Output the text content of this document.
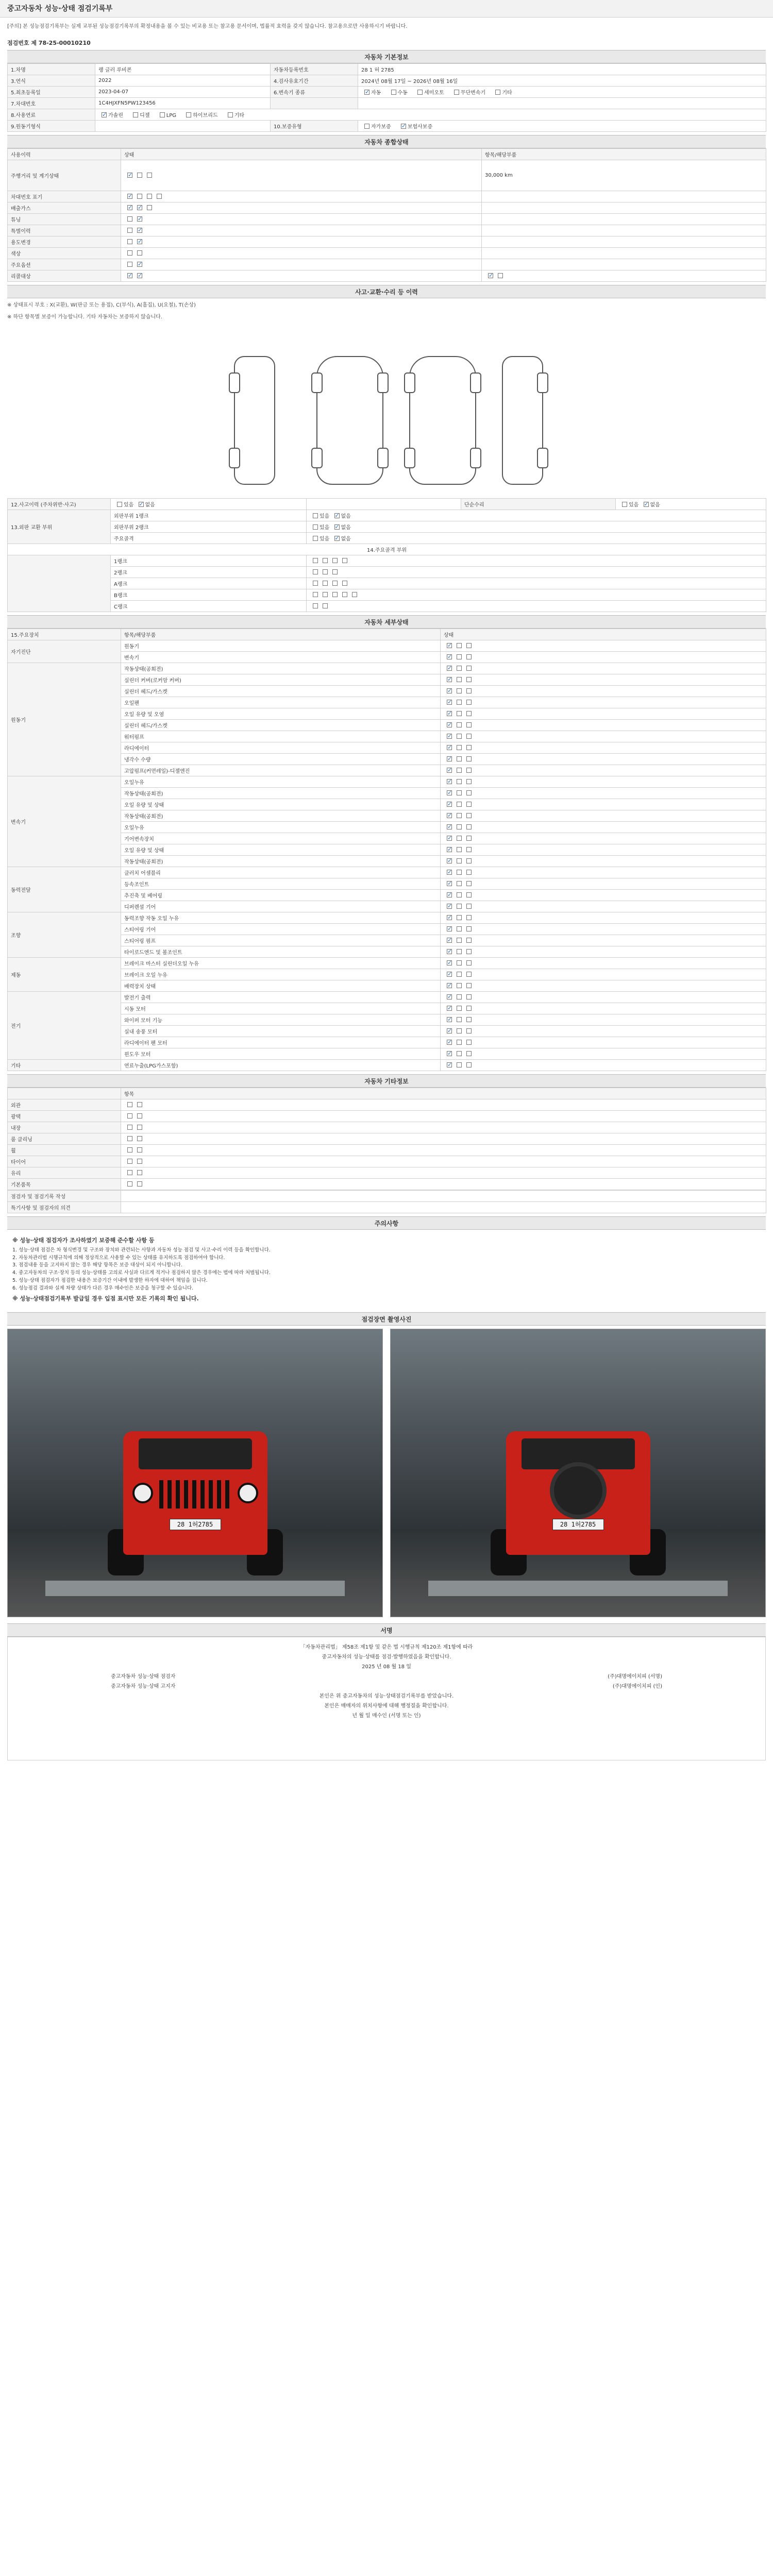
중고자동차 성능·상태 점검기록부
[주의] 본 성능점검기록부는 실제 교부된 성능점검기록부의 확정내용을 볼 수 있는 비교용 또는 참고용 문서이며, 법률적 효력을 갖지 않습니다. 참고용으로만 사용하시기 바랍니다.
점검번호 제 78-25-00010210
자동차 기본정보
1.차명	랭 글러 루비콘	자동차등록번호	28 1 허 2785
3.연식	2022	4.검사유효기간	2024년 08월 17일 ~ 2026년 08월 16일
5.최초등록일	2023-04-07	6.변속기 종류	✓자동 수동 세미오토 무단변속기 기타
7.차대번호	1C4HJXFN5PW123456		
8.사용연료	✓가솔린 디젤 LPG 하이브리드 기타
9.원동기형식		10.보증유형	자가보증 ✓ 보험사보증
자동차 종합상태
사용이력	상태	항목/해당부품
주행거리 및 계기상태	✓	30,000 km
차대번호 표기	✓	
배출가스	✓✓	
튜닝	✓	
특별이력	✓	
용도변경	✓	
색상		
주요옵션	✓	
리콜대상	✓✓	✓
사고·교환·수리 등 이력
※ 상태표시 부호 : X(교환), W(판금 또는 용접), C(부식), A(흠집), U(요철), T(손상)
※ 하단 항목별 보증이 가능합니다. 기타 자동차는 보증하지 않습니다.
12.사고이력 (주차위반·사고)	있음 ✓없음		단순수리	있음 ✓없음
13.외판 교환 부위	외판부위 1랭크	있음 ✓없음
	외판부위 2랭크	있음 ✓없음
	주요골격	있음 ✓없음
14.주요골격 부위				
	1랭크			
	2랭크			
	A랭크			
	B랭크			
	C랭크			
자동차 세부상태
15.주요장치	항목/해당부품	상태
자기진단	원동기	✓
	변속기	✓
원동기	작동상태(공회전)	✓
	실린더 커버(로커암 커버)	✓
	실린더 헤드/가스켓	✓
	오일팬	✓
	오일 유량 및 오염	✓
	실린더 헤드/가스켓	✓
	워터펌프	✓
	라디에이터	✓
	냉각수 수량	✓
	고압펌프(커먼레일)-디젤엔진	✓
변속기	오일누유	✓
	작동상태(공회전)	✓
	오일 유량 및 상태	✓
	작동상태(공회전)	✓
	오일누유	✓
	기어변속장치	✓
	오일 유량 및 상태	✓
	작동상태(공회전)	✓
동력전달	클러치 어셈블리	✓
	등속조인트	✓
	추진축 및 베어링	✓
	디퍼렌셜 기어	✓
조향	동력조향 작동 오일 누유	✓
	스티어링 기어	✓
	스티어링 펌프	✓
	타이로드엔드 및 볼조인트	✓
제동	브레이크 마스터 실린더오일 누유	✓
	브레이크 오일 누유	✓
	배력장치 상태	✓
전기	발전기 출력	✓
	시동 모터	✓
	와이퍼 모터 기능	✓
	실내 송풍 모터	✓
	라디에이터 팬 모터	✓
	윈도우 모터	✓
기타	연료누출(LPG가스포함)	✓
자동차 기타정보
	항목
외관	
광택	
내장	
룸 클리닝	
휠	
타이어	
유리	
기본품목	
점검자 및 점검기록 작성	
특기사항 및 점검자의 의견	
주의사항
※ 성능·상태 점검자가 조사하였기 보증해 준수할 사항 등
1. 성능·상태 점검은 차 형식변경 및 구조와 장치와 관련되는 사항과 자동차 성능 점검 및 사고·수리 이력 등을 확인합니다.
2. 자동차관리법 시행규칙에 의해 정상적으로 사용할 수 있는 상태를 유지하도록 점검하여야 합니다.
3. 점검내용 등을 고지하지 않는 경우 해당 항목은 보증 대상이 되지 아니합니다.
4. 중고자동차의 구조·장치 등의 성능·상태를 고의로 사실과 다르게 적거나 점검하지 않은 경우에는 법에 따라 처벌됩니다.
5. 성능·상태 점검자가 점검한 내용은 보증기간 이내에 발생한 하자에 대하여 책임을 집니다.
6. 성능점검 결과와 실제 차량 상태가 다른 경우 매수인은 보증을 청구할 수 있습니다.
※ 성능·상태점검기록부 발급일 경우 입점 표시만 모든 기록의 확인 됩니다.
점검장면 촬영사진
28 1허2785	28 1허2785
서명
「자동차관리법」 제58조 제1항 및 같은 법 시행규칙 제120조 제1항에 따라
중고자동차의 성능·상태를 점검·발행하였음을 확인합니다.
2025 년 08 월 18 일
중고자동차 성능·상태 점검자	(주)대명에이치피 (서명)
중고자동차 성능·상태 고지자	(주)대명에이치피 (인)
본인은 위 중고자동차의 성능·상태점검기록부를 받았습니다.
본인은 매매자의 위치사항에 대해 행정질을 확인합니다.
년 월 일 매수인 (서명 또는 인)
